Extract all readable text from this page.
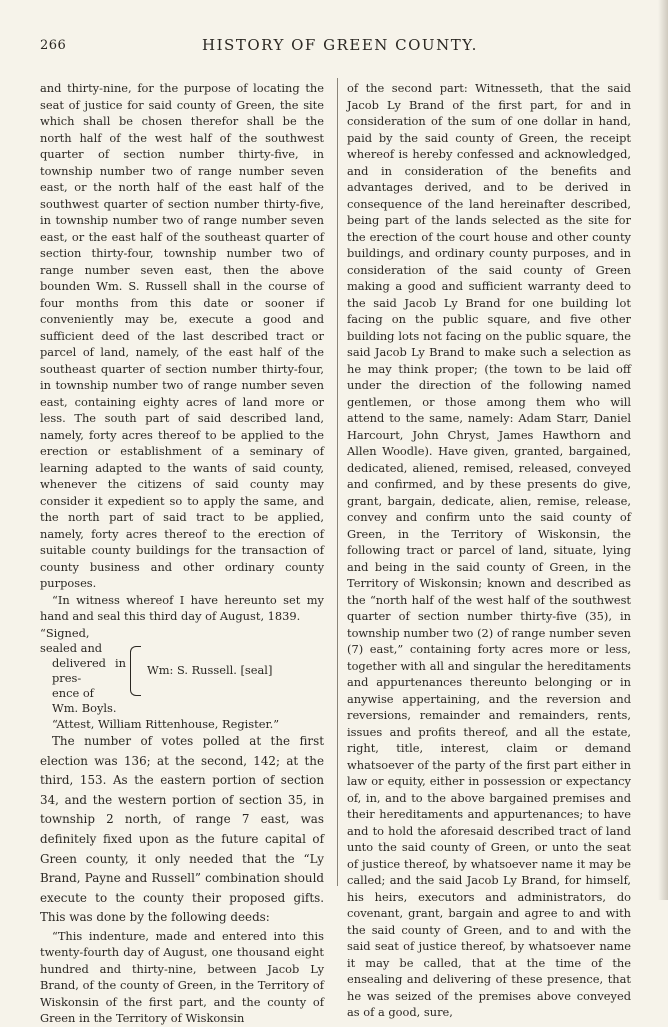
266	HISTORY OF GREEN COUNTY.

and thirty-nine, for the purpose of locating the seat of justice for said county of Green, the site which shall be chosen therefor shall be the north half of the west half of the southwest quarter of section number thirty-five, in township number two of range number seven east, or the north half of the east half of the southwest quarter of section number thirty-five, in township number two of range number seven east, or the east half of the southeast quarter of section thirty-four, township number two of range number seven east, then the above bounden Wm. S. Russell shall in the course of four months from this date or sooner if conveniently may be, execute a good and sufficient deed of the last described tract or parcel of land, namely, of the east half of the southeast quarter of section number thirty-four, in township number two of range number seven east, containing eighty acres of land more or less. The south part of said described land, namely, forty acres thereof to be applied to the erection or establishment of a seminary of learning adapted to the wants of said county, whenever the citizens of said county may consider it expedient so to apply the same, and the north part of said tract to be applied, namely, forty acres thereof to the erection of suitable county buildings for the transaction of county business and other ordinary county purposes.

“In witness whereof I have hereunto set my hand and seal this third day of August, 1839.

“Signed, sealed and
delivered in pres-
ence of
Wm. Boyls.
Wm: S. Russell. [seal]

“Attest, William Rittenhouse, Register.”

The number of votes polled at the first election was 136; at the second, 142; at the third, 153. As the eastern portion of section 34, and the western portion of section 35, in township 2 north, of range 7 east, was definitely fixed upon as the future capital of Green county, it only needed that the “Ly Brand, Payne and Russell” combination should execute to the county their proposed gifts. This was done by the following deeds:

“This indenture, made and entered into this twenty-fourth day of August, one thousand eight hundred and thirty-nine, between Jacob Ly Brand, of the county of Green, in the Territory of Wiskonsin of the first part, and the county of Green in the Territory of Wiskonsin

of the second part: Witnesseth, that the said Jacob Ly Brand of the first part, for and in consideration of the sum of one dollar in hand, paid by the said county of Green, the receipt whereof is hereby confessed and acknowledged, and in consideration of the benefits and advantages derived, and to be derived in consequence of the land hereinafter described, being part of the lands selected as the site for the erection of the court house and other county buildings, and ordinary county purposes, and in consideration of the said county of Green making a good and sufficient warranty deed to the said Jacob Ly Brand for one building lot facing on the public square, and five other building lots not facing on the public square, the said Jacob Ly Brand to make such a selection as he may think proper; (the town to be laid off under the direction of the following named gentlemen, or those among them who will attend to the same, namely: Adam Starr, Daniel Harcourt, John Chryst, James Hawthorn and Allen Woodle). Have given, granted, bargained, dedicated, aliened, remised, released, conveyed and confirmed, and by these presents do give, grant, bargain, dedicate, alien, remise, release, convey and confirm unto the said county of Green, in the Territory of Wiskonsin, the following tract or parcel of land, situate, lying and being in the said county of Green, in the Territory of Wiskonsin; known and described as the “north half of the west half of the southwest quarter of section number thirty-five (35), in township number two (2) of range number seven (7) east,” containing forty acres more or less, together with all and singular the hereditaments and appurtenances thereunto belonging or in anywise appertaining, and the reversion and reversions, remainder and remainders, rents, issues and profits thereof, and all the estate, right, title, interest, claim or demand whatsoever of the party of the first part either in law or equity, either in possession or expectancy of, in, and to the above bargained premises and their hereditaments and appurtenances; to have and to hold the aforesaid described tract of land unto the said county of Green, or unto the seat of justice thereof, by whatsoever name it may be called; and the said Jacob Ly Brand, for himself, his heirs, executors and administrators, do covenant, grant, bargain and agree to and with the said county of Green, and to and with the said seat of justice thereof, by whatsoever name it may be called, that at the time of the ensealing and delivering of these presence, that he was seized of the premises above conveyed as of a good, sure,
